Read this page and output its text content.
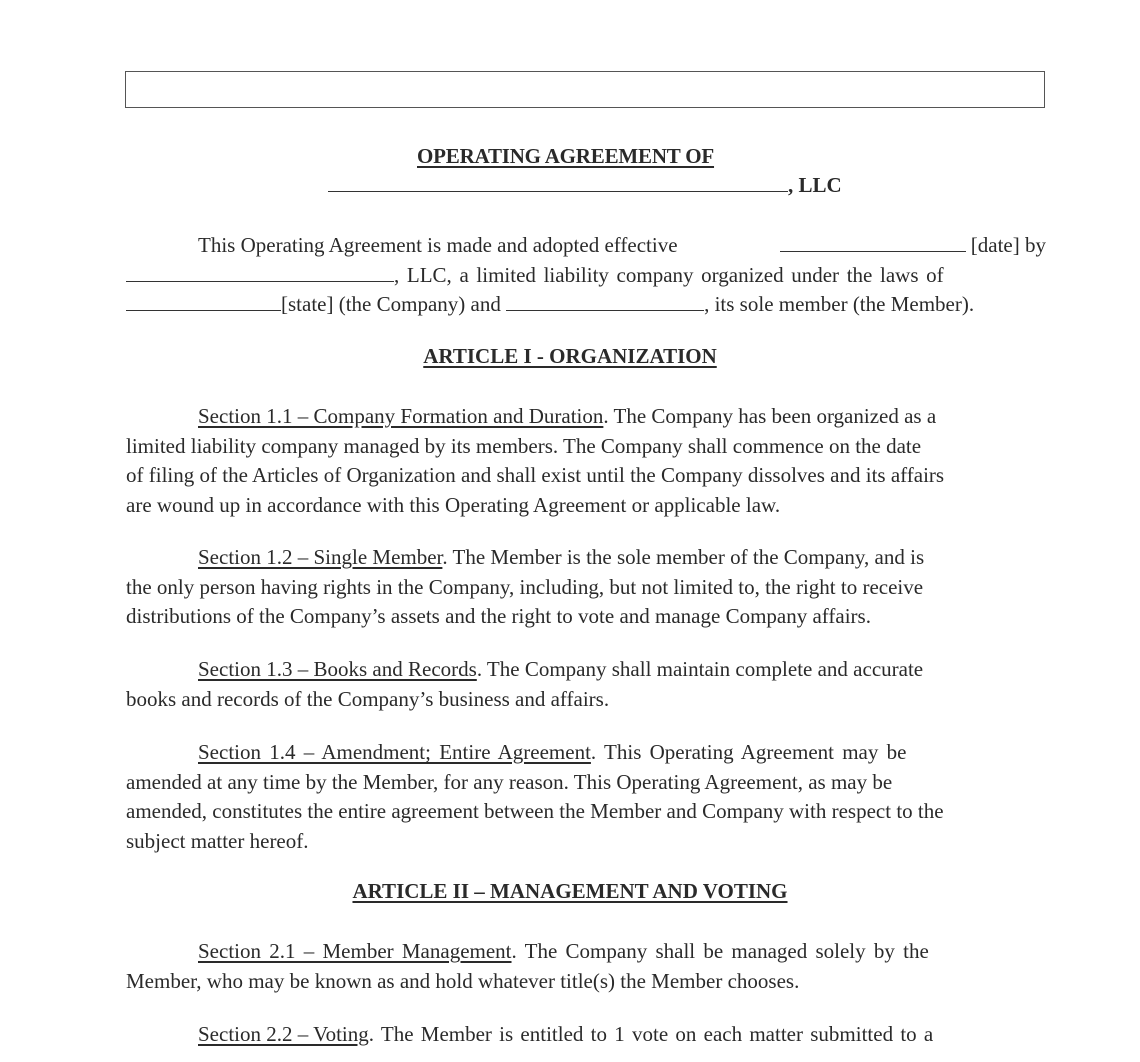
OPERATING AGREEMENT OF
, LLC
This Operating Agreement is made and adopted effective	[date] by
, LLC, a limited liability company organized under the laws of
[state] (the Company) and	, its sole member (the Member).
ARTICLE I - ORGANIZATION
Section 1.1 – Company Formation and Duration. The Company has been organized as a
limited liability company managed by its members. The Company shall commence on the date
of filing of the Articles of Organization and shall exist until the Company dissolves and its affairs
are wound up in accordance with this Operating Agreement or applicable law.
Section 1.2 – Single Member. The Member is the sole member of the Company, and is
the only person having rights in the Company, including, but not limited to, the right to receive
distributions of the Company’s assets and the right to vote and manage Company affairs.
Section 1.3 – Books and Records. The Company shall maintain complete and accurate
books and records of the Company’s business and affairs.
Section 1.4 – Amendment; Entire Agreement. This Operating Agreement may be
amended at any time by the Member, for any reason. This Operating Agreement, as may be
amended, constitutes the entire agreement between the Member and Company with respect to the
subject matter hereof.
ARTICLE II – MANAGEMENT AND VOTING
Section 2.1 – Member Management. The Company shall be managed solely by the
Member, who may be known as and hold whatever title(s) the Member chooses.
Section 2.2 – Voting. The Member is entitled to 1 vote on each matter submitted to a
